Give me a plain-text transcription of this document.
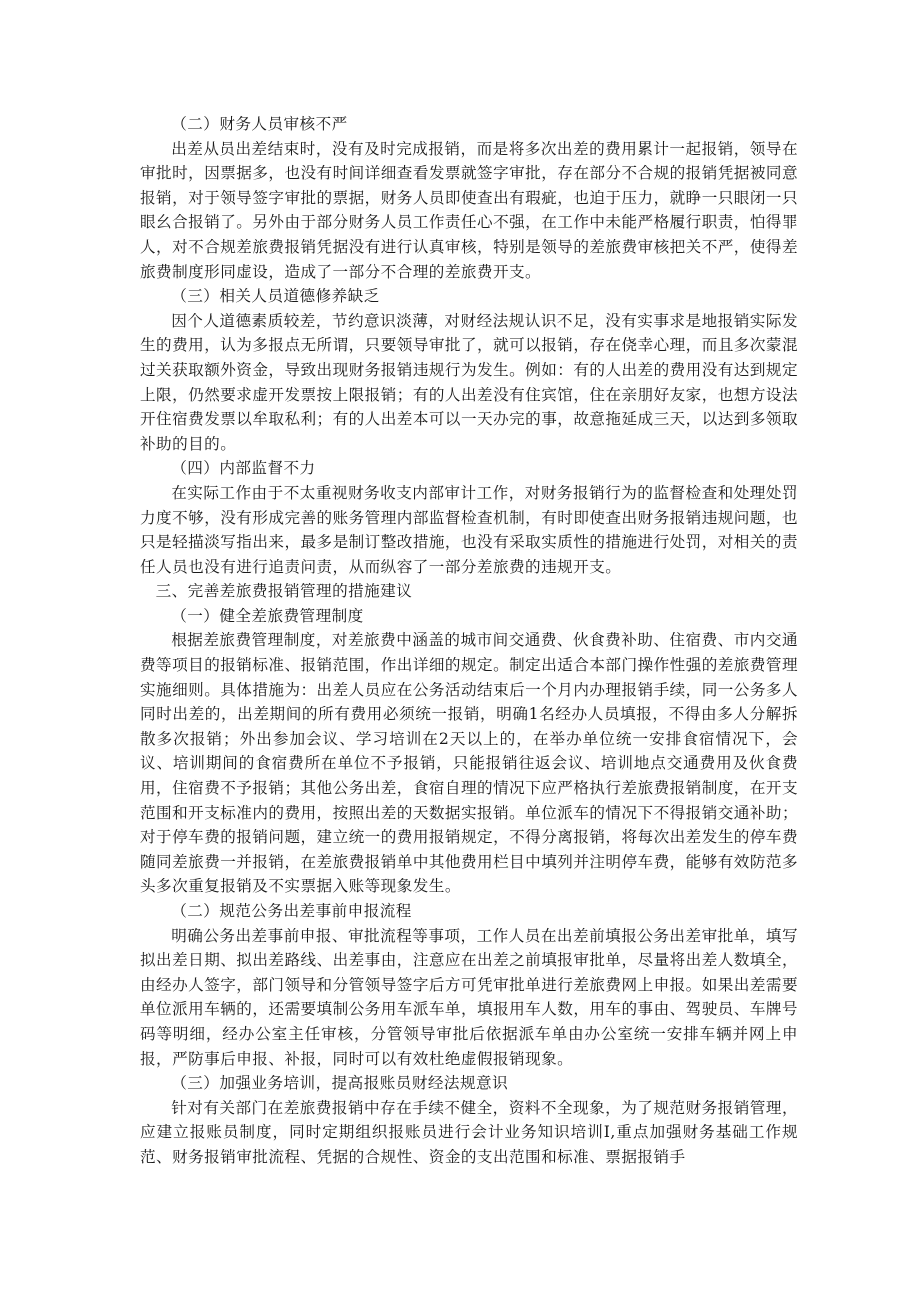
（二）财务人员审核不严

出差从员出差结束时，没有及时完成报销，而是将多次出差的费用累计一起报销，领导在审批时，因票据多，也没有时间详细查看发票就签字审批，存在部分不合规的报销凭据被同意报销，对于领导签字审批的票据，财务人员即使查出有瑕疵，也迫于压力，就睁一只眼闭一只眼幺合报销了。另外由于部分财务人员工作责任心不强，在工作中未能严格履行职责，怕得罪人，对不合规差旅费报销凭据没有进行认真审核，特别是领导的差旅费审核把关不严，使得差旅费制度形同虚设，造成了一部分不合理的差旅费开支。

（三）相关人员道德修养缺乏

因个人道德素质较差，节约意识淡薄，对财经法规认识不足，没有实事求是地报销实际发生的费用，认为多报点无所谓，只要领导审批了，就可以报销，存在侥幸心理，而且多次蒙混过关获取额外资金，导致出现财务报销违规行为发生。例如：有的人出差的费用没有达到规定上限，仍然要求虚开发票按上限报销；有的人出差没有住宾馆，住在亲朋好友家，也想方设法开住宿费发票以牟取私利；有的人出差本可以一天办完的事，故意拖延成三天，以达到多领取补助的目的。

（四）内部监督不力

在实际工作由于不太重视财务收支内部审计工作，对财务报销行为的监督检查和处理处罚力度不够，没有形成完善的账务管理内部监督检查机制，有时即使查出财务报销违规问题，也只是轻描淡写指出来，最多是制订整改措施，也没有采取实质性的措施进行处罚，对相关的责任人员也没有进行追责问责，从而纵容了一部分差旅费的违规开支。

三、完善差旅费报销管理的措施建议

（一）健全差旅费管理制度

根据差旅费管理制度，对差旅费中涵盖的城市间交通费、伙食费补助、住宿费、市内交通费等项目的报销标准、报销范围，作出详细的规定。制定出适合本部门操作性强的差旅费管理实施细则。具体措施为：出差人员应在公务活动结束后一个月内办理报销手续，同一公务多人同时出差的，出差期间的所有费用必须统一报销，明确1名经办人员填报，不得由多人分解拆散多次报销；外出参加会议、学习培训在2天以上的，在举办单位统一安排食宿情况下，会议、培训期间的食宿费所在单位不予报销，只能报销往返会议、培训地点交通费用及伙食费用，住宿费不予报销；其他公务出差，食宿自理的情况下应严格执行差旅费报销制度，在开支范围和开支标准内的费用，按照出差的天数据实报销。单位派车的情况下不得报销交通补助；对于停车费的报销问题，建立统一的费用报销规定，不得分离报销，将每次出差发生的停车费随同差旅费一并报销，在差旅费报销单中其他费用栏目中填列并注明停车费，能够有效防范多头多次重复报销及不实票据入账等现象发生。

（二）规范公务出差事前申报流程

明确公务出差事前申报、审批流程等事项，工作人员在出差前填报公务出差审批单，填写拟出差日期、拟出差路线、出差事由，注意应在出差之前填报审批单，尽量将出差人数填全，由经办人签字，部门领导和分管领导签字后方可凭审批单进行差旅费网上申报。如果出差需要单位派用车辆的，还需要填制公务用车派车单，填报用车人数，用车的事由、驾驶员、车牌号码等明细，经办公室主任审核，分管领导审批后依据派车单由办公室统一安排车辆并网上申报，严防事后申报、补报，同时可以有效杜绝虚假报销现象。

（三）加强业务培训，提高报账员财经法规意识

针对有关部门在差旅费报销中存在手续不健全，资料不全现象，为了规范财务报销管理，应建立报账员制度，同时定期组织报账员进行会计业务知识培训I,重点加强财务基础工作规范、财务报销审批流程、凭据的合规性、资金的支出范围和标准、票据报销手
